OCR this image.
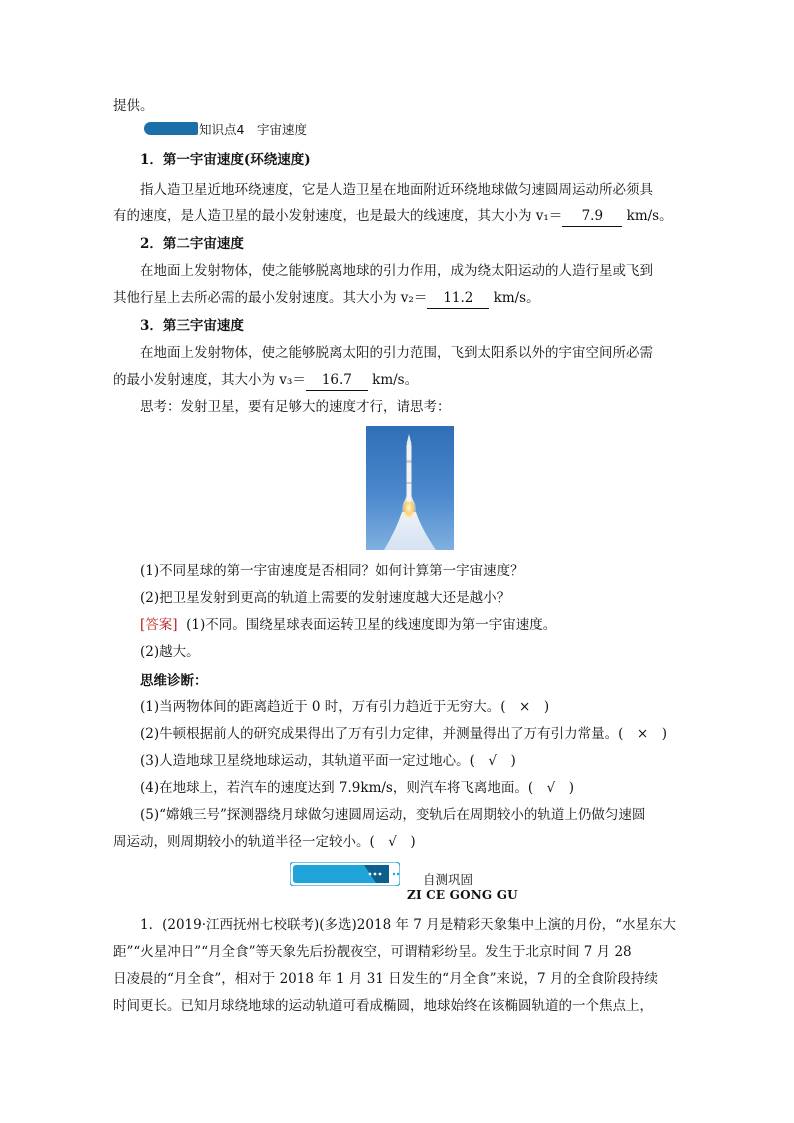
提供。
知识点4　宇宙速度
1．第一宇宙速度(环绕速度)
指人造卫星近地环绕速度，它是人造卫星在地面附近环绕地球做匀速圆周运动所必须具
有的速度，是人造卫星的最小发射速度，也是最大的线速度，其大小为 v₁＝ 7.9 km/s。
2．第二宇宙速度
在地面上发射物体，使之能够脱离地球的引力作用，成为绕太阳运动的人造行星或飞到
其他行星上去所必需的最小发射速度。其大小为 v₂＝ 11.2 km/s。
3．第三宇宙速度
在地面上发射物体，使之能够脱离太阳的引力范围，飞到太阳系以外的宇宙空间所必需
的最小发射速度，其大小为 v₃＝ 16.7 km/s。
思考：发射卫星，要有足够大的速度才行，请思考：
(1)不同星球的第一宇宙速度是否相同？如何计算第一宇宙速度？
(2)把卫星发射到更高的轨道上需要的发射速度越大还是越小？
[答案] (1)不同。围绕星球表面运转卫星的线速度即为第一宇宙速度。
(2)越大。
思维诊断：
(1)当两物体间的距离趋近于 0 时，万有引力趋近于无穷大。(　×　)
(2)牛顿根据前人的研究成果得出了万有引力定律，并测量得出了万有引力常量。(　×　)
(3)人造地球卫星绕地球运动，其轨道平面一定过地心。(　√　)
(4)在地球上，若汽车的速度达到 7.9km/s，则汽车将飞离地面。(　√　)
(5)“嫦娥三号”探测器绕月球做匀速圆周运动，变轨后在周期较小的轨道上仍做匀速圆
周运动，则周期较小的轨道半径一定较小。(　√　)
自测巩固
ZI CE GONG GU
1．(2019·江西抚州七校联考)(多选)2018 年 7 月是精彩天象集中上演的月份，“水星东大
距”“火星冲日”“月全食”等天象先后扮靓夜空，可谓精彩纷呈。发生于北京时间 7 月 28
日凌晨的“月全食”，相对于 2018 年 1 月 31 日发生的“月全食”来说，7 月的全食阶段持续
时间更长。已知月球绕地球的运动轨道可看成椭圆，地球始终在该椭圆轨道的一个焦点上，
